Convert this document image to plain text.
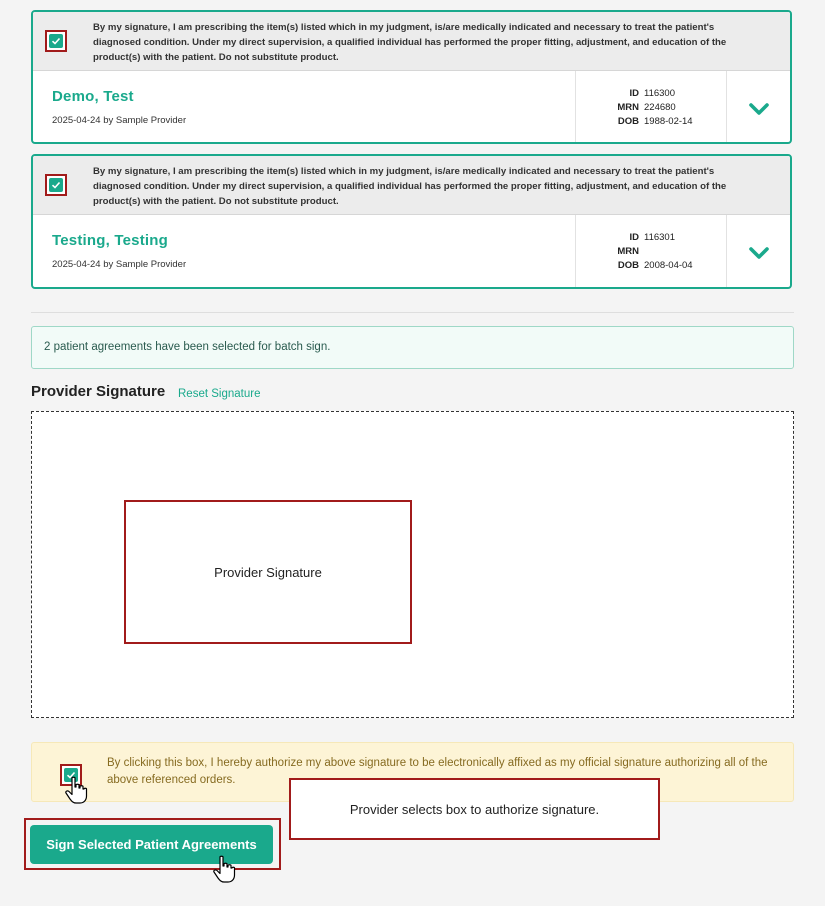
By my signature, I am prescribing the item(s) listed which in my judgment, is/are medically indicated and necessary to treat the patient's diagnosed condition. Under my direct supervision, a qualified individual has performed the proper fitting, adjustment, and education of the product(s) with the patient. Do not substitute product.
Demo, Test
2025-04-24 by Sample Provider
ID 116300
MRN 224680
DOB 1988-02-14
By my signature, I am prescribing the item(s) listed which in my judgment, is/are medically indicated and necessary to treat the patient's diagnosed condition. Under my direct supervision, a qualified individual has performed the proper fitting, adjustment, and education of the product(s) with the patient. Do not substitute product.
Testing, Testing
2025-04-24 by Sample Provider
ID 116301
MRN
DOB 2008-04-04
2 patient agreements have been selected for batch sign.
Provider Signature Reset Signature
Provider Signature
By clicking this box, I hereby authorize my above signature to be electronically affixed as my official signature authorizing all of the above referenced orders.
Provider selects box to authorize signature.
Sign Selected Patient Agreements
